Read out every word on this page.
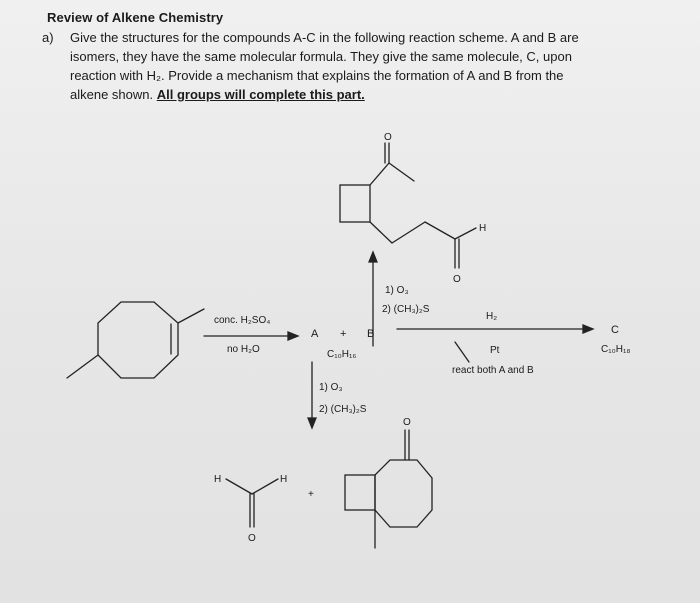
Review of Alkene Chemistry
a) Give the structures for the compounds A-C in the following reaction scheme. A and B are
isomers, they have the same molecular formula. They give the same molecule, C, upon
reaction with H₂. Provide a mechanism that explains the formation of A and B from the
alkene shown. All groups will complete this part.
conc. H₂SO₄
no H₂O
A + B
C₁₀H₁₆
1) O₃
2) (CH₃)₂S
1) O₃
2) (CH₃)₂S
H₂
Pt
react both A and B
C
C₁₀H₁₈
O
H
O
H	H
O
+
O
